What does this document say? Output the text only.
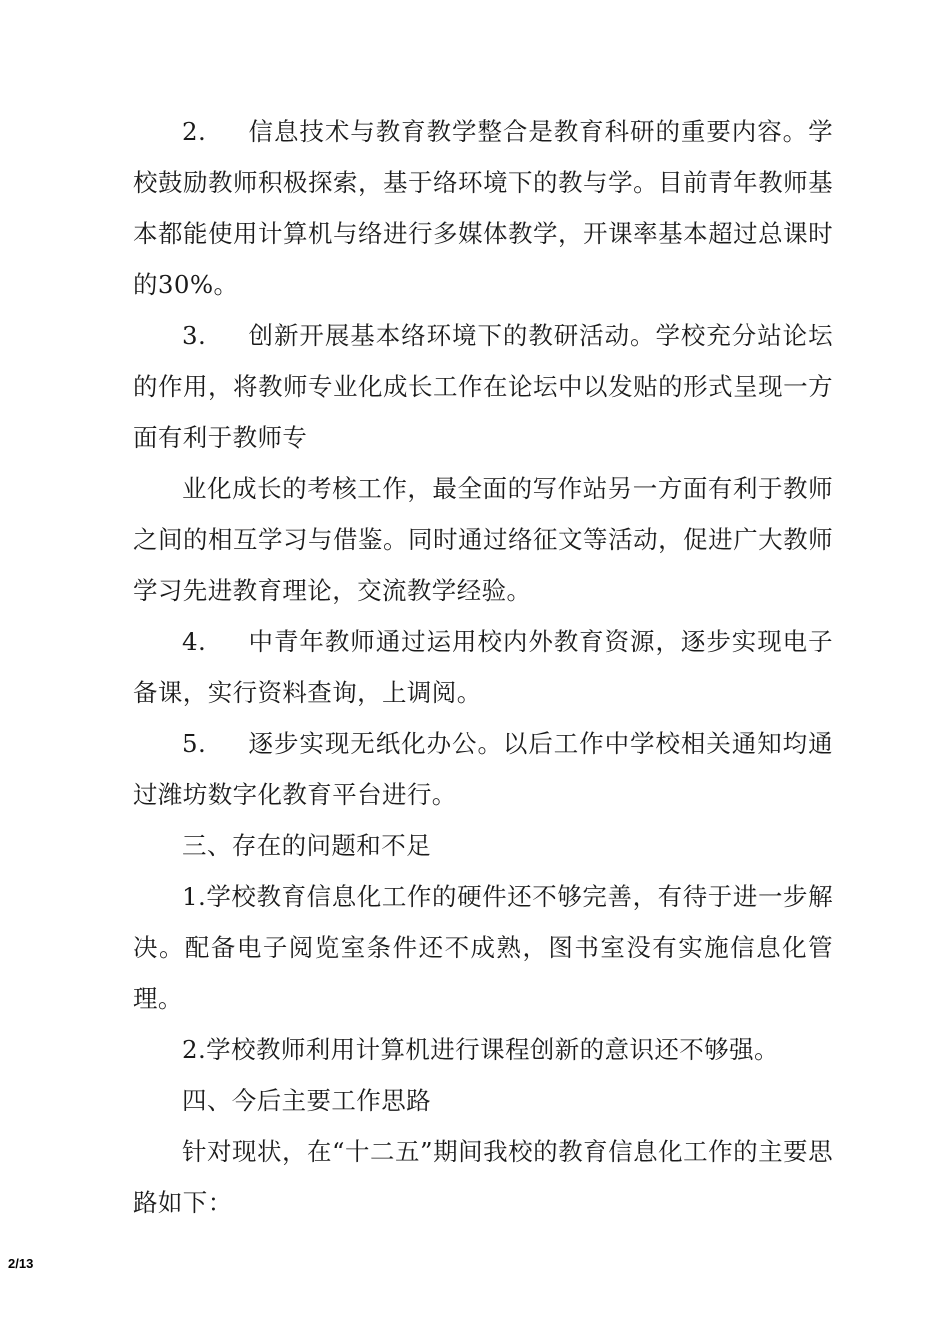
2. 信息技术与教育教学整合是教育科研的重要内容。学校鼓励教师积极探索，基于络环境下的教与学。目前青年教师基本都能使用计算机与络进行多媒体教学，开课率基本超过总课时的30%。

3. 创新开展基本络环境下的教研活动。学校充分站论坛的作用，将教师专业化成长工作在论坛中以发贴的形式呈现一方面有利于教师专

业化成长的考核工作，最全面的写作站另一方面有利于教师之间的相互学习与借鉴。同时通过络征文等活动，促进广大教师学习先进教育理论，交流教学经验。

4. 中青年教师通过运用校内外教育资源，逐步实现电子备课，实行资料查询，上调阅。

5. 逐步实现无纸化办公。以后工作中学校相关通知均通过潍坊数字化教育平台进行。

三、存在的问题和不足

1.学校教育信息化工作的硬件还不够完善，有待于进一步解决。配备电子阅览室条件还不成熟，图书室没有实施信息化管理。

2.学校教师利用计算机进行课程创新的意识还不够强。

四、今后主要工作思路

针对现状，在“十二五”期间我校的教育信息化工作的主要思路如下：

2/13
